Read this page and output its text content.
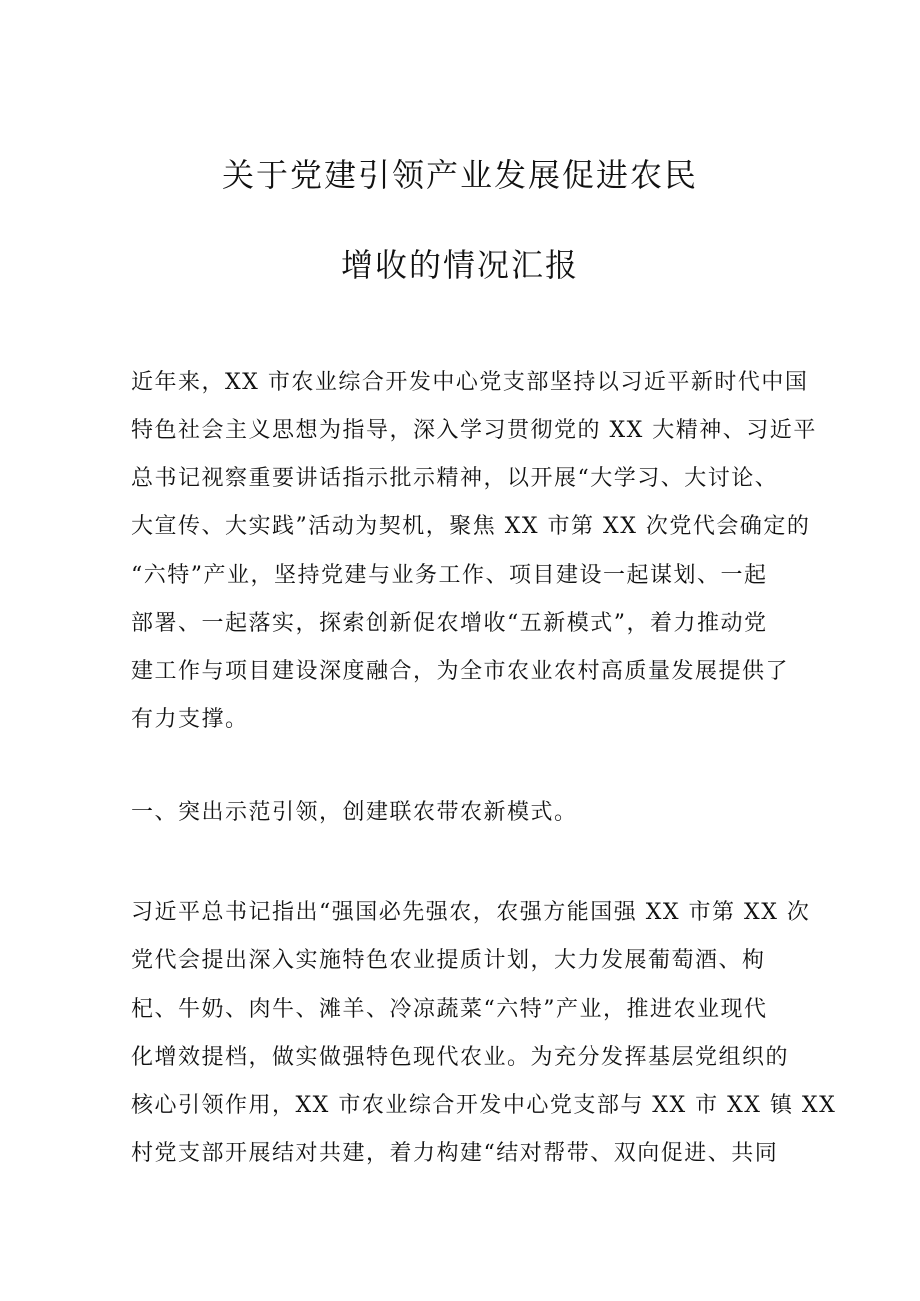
关于党建引领产业发展促进农民
增收的情况汇报

近年来，XX 市农业综合开发中心党支部坚持以习近平新时代中国

特色社会主义思想为指导，深入学习贯彻党的 XX 大精神、习近平

总书记视察重要讲话指示批示精神，以开展“大学习、大讨论、

大宣传、大实践”活动为契机，聚焦 XX 市第 XX 次党代会确定的

“六特”产业，坚持党建与业务工作、项目建设一起谋划、一起

部署、一起落实，探索创新促农增收“五新模式”，着力推动党

建工作与项目建设深度融合，为全市农业农村高质量发展提供了

有力支撑。

一、突出示范引领，创建联农带农新模式。

习近平总书记指出“强国必先强农，农强方能国强 XX 市第 XX 次

党代会提出深入实施特色农业提质计划，大力发展葡萄酒、枸

杞、牛奶、肉牛、滩羊、冷凉蔬菜“六特”产业，推进农业现代

化增效提档，做实做强特色现代农业。为充分发挥基层党组织的

核心引领作用，XX 市农业综合开发中心党支部与 XX 市 XX 镇 XX

村党支部开展结对共建，着力构建“结对帮带、双向促进、共同
